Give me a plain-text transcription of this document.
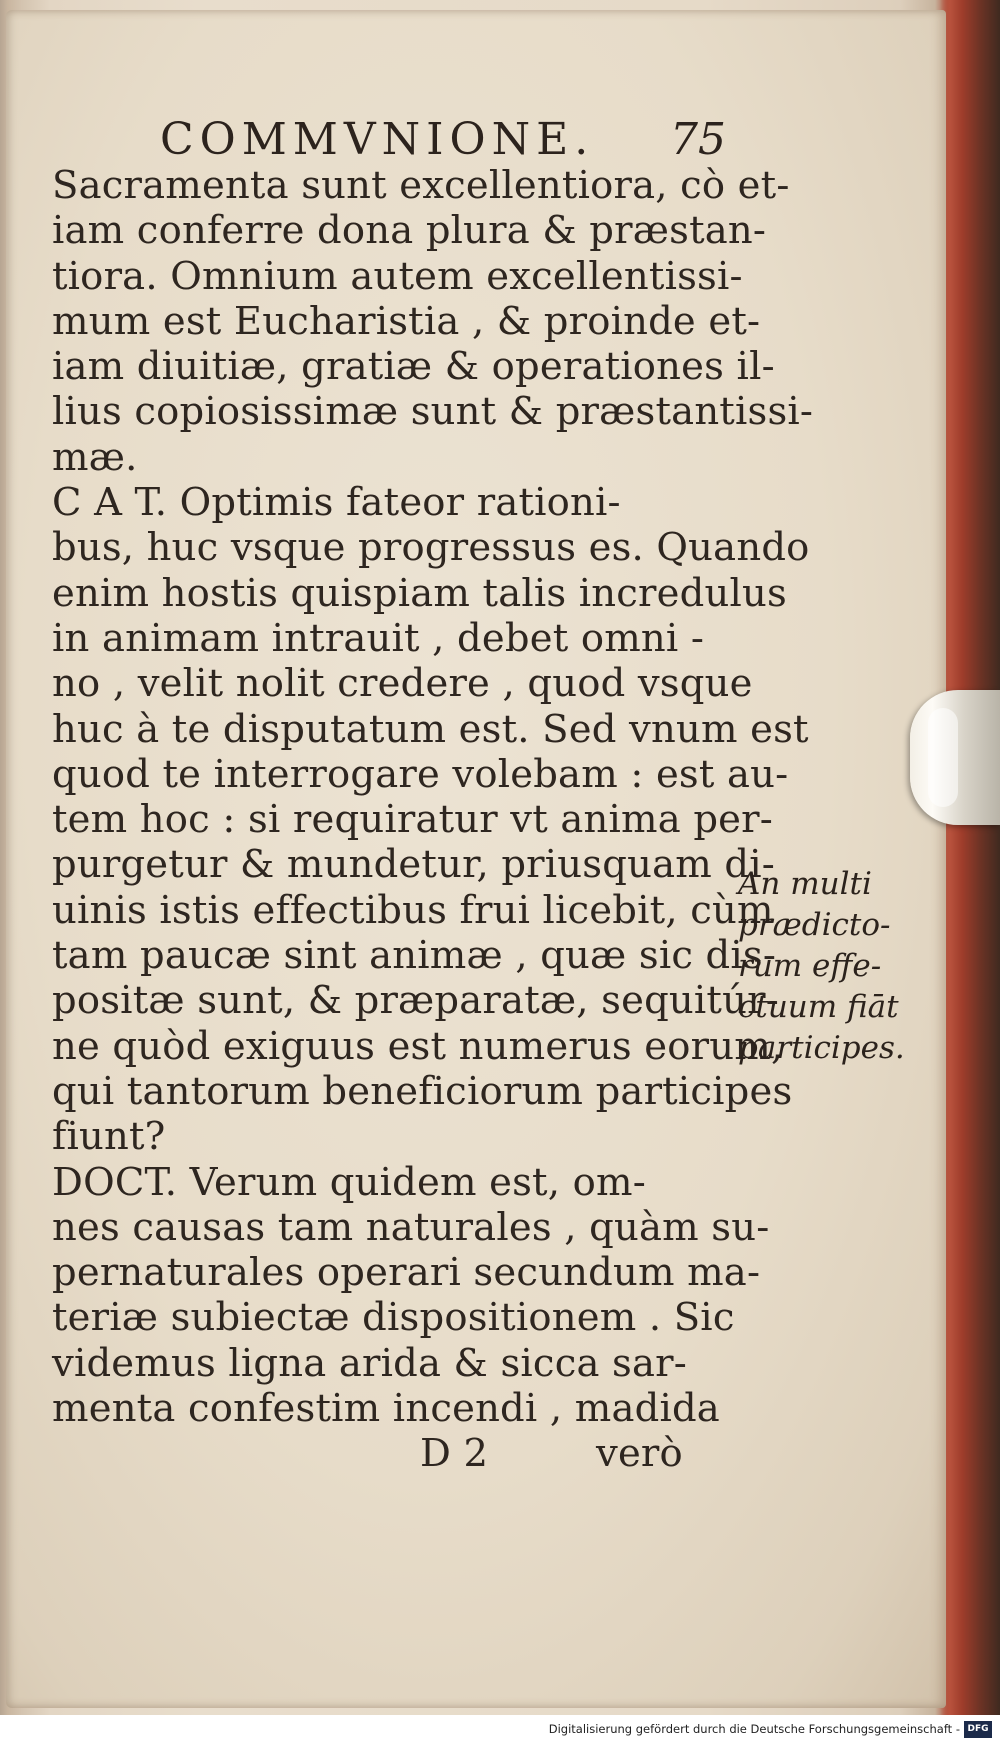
COMMVNIONE. 75
Sacramenta sunt excellentiora, cò et-
iam conferre dona plura & præstan-
tiora. Omnium autem excellentissi-
mum est Eucharistia , & proinde et-
iam diuitiæ, gratiæ & operationes il-
lius copiosissimæ sunt & præstantissi-
mæ.
C A T. Optimis fateor rationi-
bus, huc vsque progressus es. Quando
enim hostis quispiam talis incredulus
in animam intrauit , debet omni -
no , velit nolit credere , quod vsque
huc à te disputatum est. Sed vnum est
quod te interrogare volebam : est au-
tem hoc : si requiratur vt anima per-
purgetur & mundetur, priusquam di-
uinis istis effectibus frui licebit, cùm
tam paucæ sint animæ , quæ sic dis-
positæ sunt, & præparatæ, sequitúr-
ne quòd exiguus est numerus eorum,
qui tantorum beneficiorum participes
fiunt?
DOCT. Verum quidem est, om-
nes causas tam naturales , quàm su-
pernaturales operari secundum ma-
teriæ subiectæ dispositionem . Sic
videmus ligna arida & sicca sar-
menta confestim incendi , madida
D 2	verò
An multi
prædicto-
rum effe-
ctuum fiāt
participes.
Digitalisierung gefördert durch die Deutsche Forschungsgemeinschaft - DFG
